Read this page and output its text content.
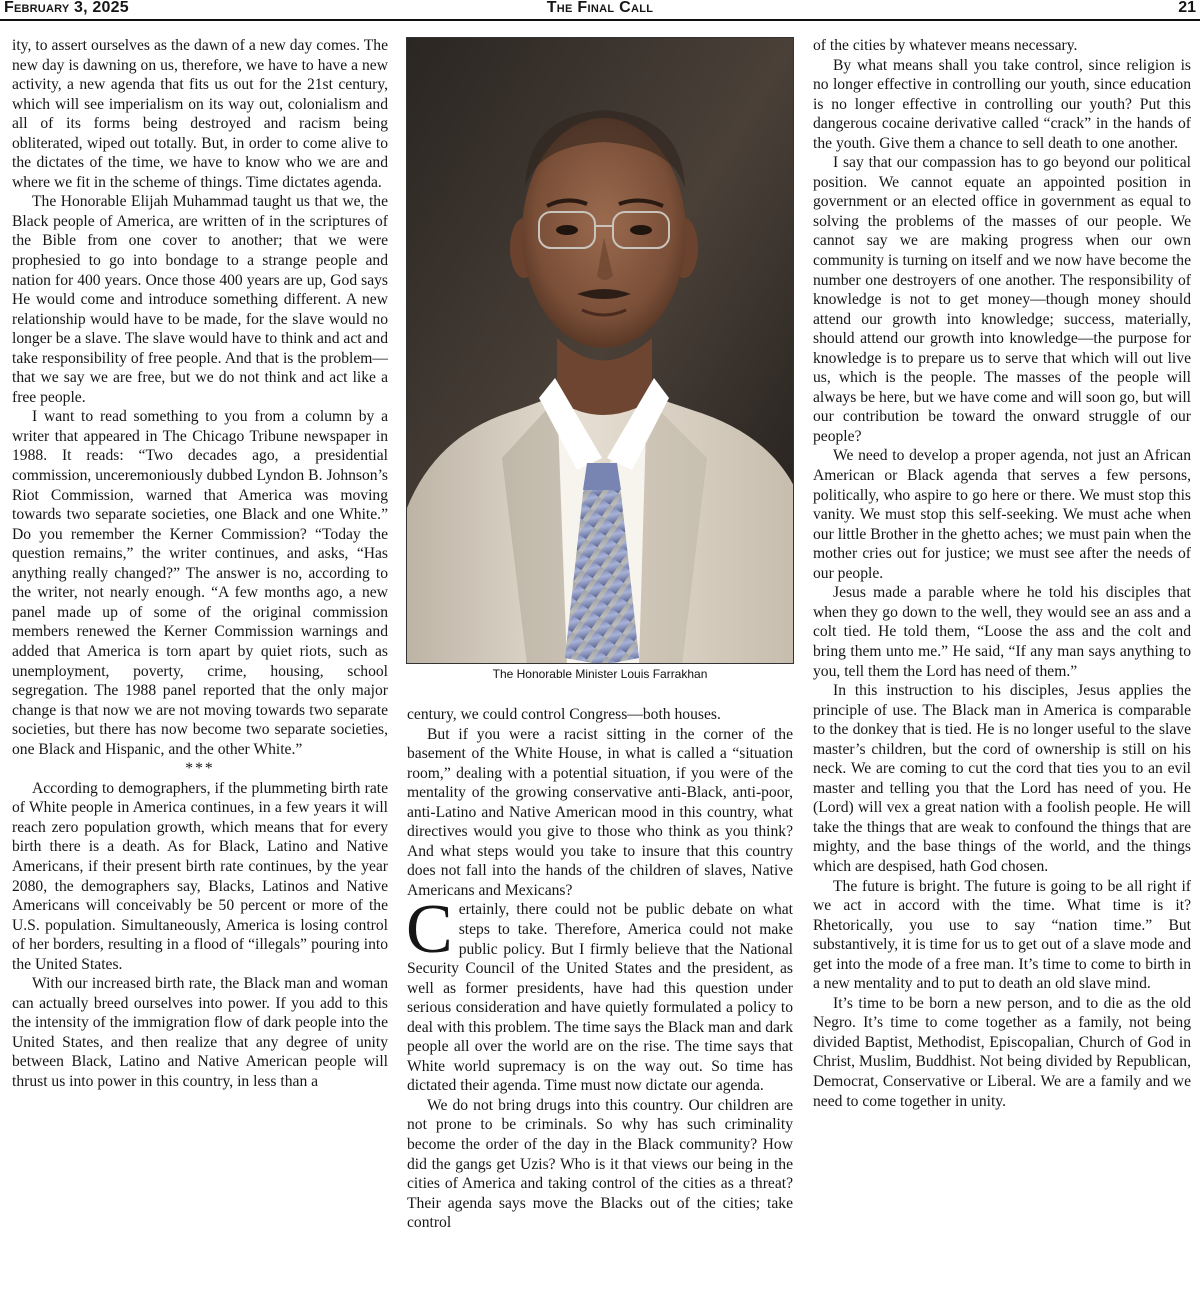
February 3, 2025	The Final Call	21

ity, to assert ourselves as the dawn of a new day comes. The new day is dawning on us, therefore, we have to have a new activity, a new agenda that fits us out for the 21st century, which will see imperialism on its way out, colonialism and all of its forms being destroyed and racism being obliterated, wiped out totally. But, in order to come alive to the dictates of the time, we have to know who we are and where we fit in the scheme of things. Time dictates agenda.

The Honorable Elijah Muhammad taught us that we, the Black people of America, are written of in the scriptures of the Bible from one cover to another; that we were prophesied to go into bondage to a strange people and nation for 400 years. Once those 400 years are up, God says He would come and introduce something different. A new relationship would have to be made, for the slave would no longer be a slave. The slave would have to think and act and take responsibility of free people. And that is the problem—that we say we are free, but we do not think and act like a free people.

I want to read something to you from a column by a writer that appeared in The Chicago Tribune newspaper in 1988. It reads: “Two decades ago, a presidential commission, unceremoniously dubbed Lyndon B. Johnson’s Riot Commission, warned that America was moving towards two separate societies, one Black and one White.” Do you remember the Kerner Commission? “Today the question remains,” the writer continues, and asks, “Has anything really changed?” The answer is no, according to the writer, not nearly enough. “A few months ago, a new panel made up of some of the original commission members renewed the Kerner Commission warnings and added that America is torn apart by quiet riots, such as unemployment, poverty, crime, housing, school segregation. The 1988 panel reported that the only major change is that now we are not moving towards two separate societies, but there has now become two separate societies, one Black and Hispanic, and the other White.”

***

According to demographers, if the plummeting birth rate of White people in America continues, in a few years it will reach zero population growth, which means that for every birth there is a death. As for Black, Latino and Native Americans, if their present birth rate continues, by the year 2080, the demographers say, Blacks, Latinos and Native Americans will conceivably be 50 percent or more of the U.S. population. Simultaneously, America is losing control of her borders, resulting in a flood of “illegals” pouring into the United States.

With our increased birth rate, the Black man and woman can actually breed ourselves into power. If you add to this the intensity of the immigration flow of dark people into the United States, and then realize that any degree of unity between Black, Latino and Native American people will thrust us into power in this country, in less than a

The Honorable Minister Louis Farrakhan

century, we could control Congress—both houses.

But if you were a racist sitting in the corner of the basement of the White House, in what is called a “situation room,” dealing with a potential situation, if you were of the mentality of the growing conservative anti-Black, anti-poor, anti-Latino and Native American mood in this country, what directives would you give to those who think as you think? And what steps would you take to insure that this country does not fall into the hands of the children of slaves, Native Americans and Mexicans?

Certainly, there could not be public debate on what steps to take. Therefore, America could not make public policy. But I firmly believe that the National Security Council of the United States and the president, as well as former presidents, have had this question under serious consideration and have quietly formulated a policy to deal with this problem. The time says the Black man and dark people all over the world are on the rise. The time says that White world supremacy is on the way out. So time has dictated their agenda. Time must now dictate our agenda.

We do not bring drugs into this country. Our children are not prone to be criminals. So why has such criminality become the order of the day in the Black community? How did the gangs get Uzis? Who is it that views our being in the cities of America and taking control of the cities as a threat? Their agenda says move the Blacks out of the cities; take control

of the cities by whatever means necessary.

By what means shall you take control, since religion is no longer effective in controlling our youth, since education is no longer effective in controlling our youth? Put this dangerous cocaine derivative called “crack” in the hands of the youth. Give them a chance to sell death to one another.

I say that our compassion has to go beyond our political position. We cannot equate an appointed position in government or an elected office in government as equal to solving the problems of the masses of our people. We cannot say we are making progress when our own community is turning on itself and we now have become the number one destroyers of one another. The responsibility of knowledge is not to get money—though money should attend our growth into knowledge; success, materially, should attend our growth into knowledge—the purpose for knowledge is to prepare us to serve that which will out live us, which is the people. The masses of the people will always be here, but we have come and will soon go, but will our contribution be toward the onward struggle of our people?

We need to develop a proper agenda, not just an African American or Black agenda that serves a few persons, politically, who aspire to go here or there. We must stop this vanity. We must stop this self-seeking. We must ache when our little Brother in the ghetto aches; we must pain when the mother cries out for justice; we must see after the needs of our people.

Jesus made a parable where he told his disciples that when they go down to the well, they would see an ass and a colt tied. He told them, “Loose the ass and the colt and bring them unto me.” He said, “If any man says anything to you, tell them the Lord has need of them.”

In this instruction to his disciples, Jesus applies the principle of use. The Black man in America is comparable to the donkey that is tied. He is no longer useful to the slave master’s children, but the cord of ownership is still on his neck. We are coming to cut the cord that ties you to an evil master and telling you that the Lord has need of you. He (Lord) will vex a great nation with a foolish people. He will take the things that are weak to confound the things that are mighty, and the base things of the world, and the things which are despised, hath God chosen.

The future is bright. The future is going to be all right if we act in accord with the time. What time is it? Rhetorically, you use to say “nation time.” But substantively, it is time for us to get out of a slave mode and get into the mode of a free man. It’s time to come to birth in a new mentality and to put to death an old slave mind.

It’s time to be born a new person, and to die as the old Negro. It’s time to come together as a family, not being divided Baptist, Methodist, Episcopalian, Church of God in Christ, Muslim, Buddhist. Not being divided by Republican, Democrat, Conservative or Liberal. We are a family and we need to come together in unity.
